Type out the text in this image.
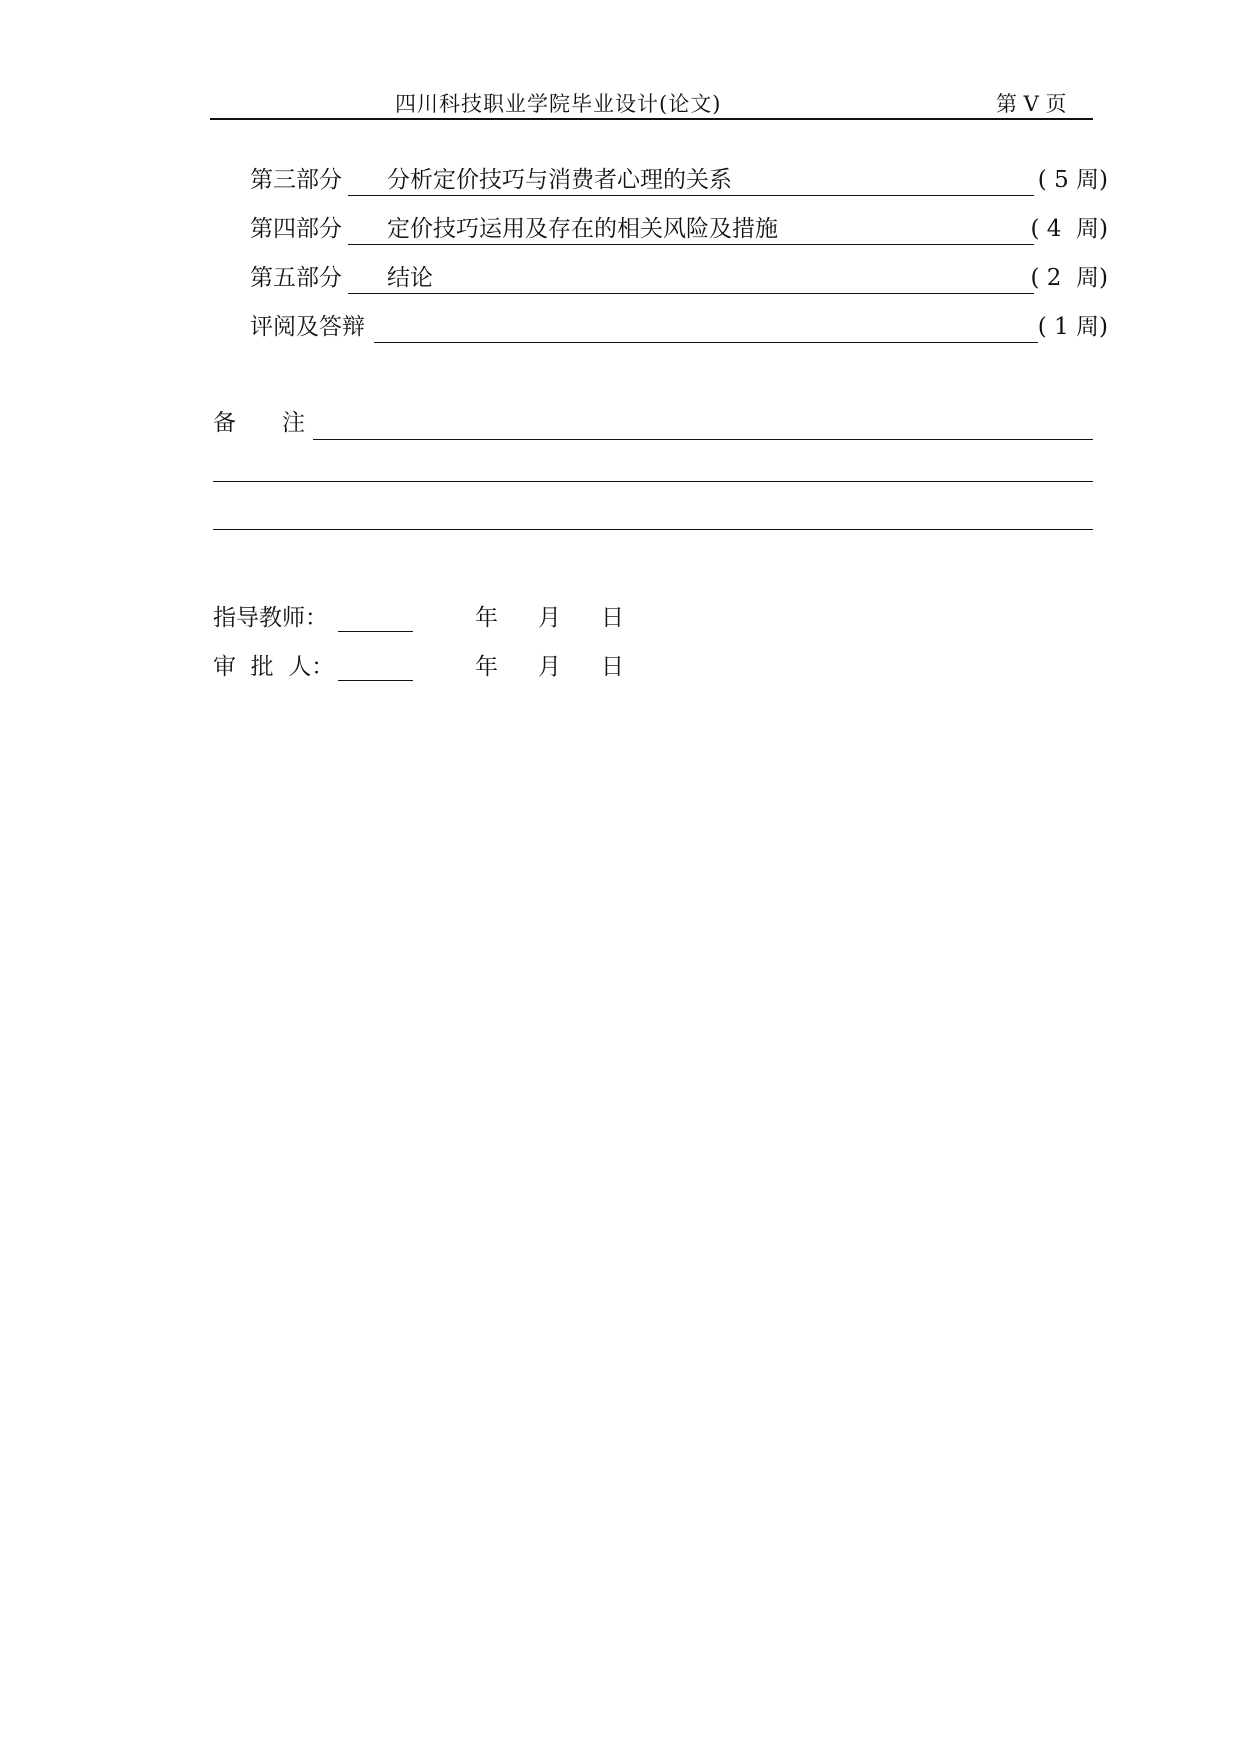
四川科技职业学院毕业设计(论文)	第 V 页
第三部分 分析定价技巧与消费者心理的关系	( 5 周)
第四部分 定价技巧运用及存在的相关风险及措施	( 4  周)
第五部分 结论	( 2  周)
评阅及答辩	( 1 周)
备　　注
指导教师：	年 月 日
审  批  人：	年 月 日
